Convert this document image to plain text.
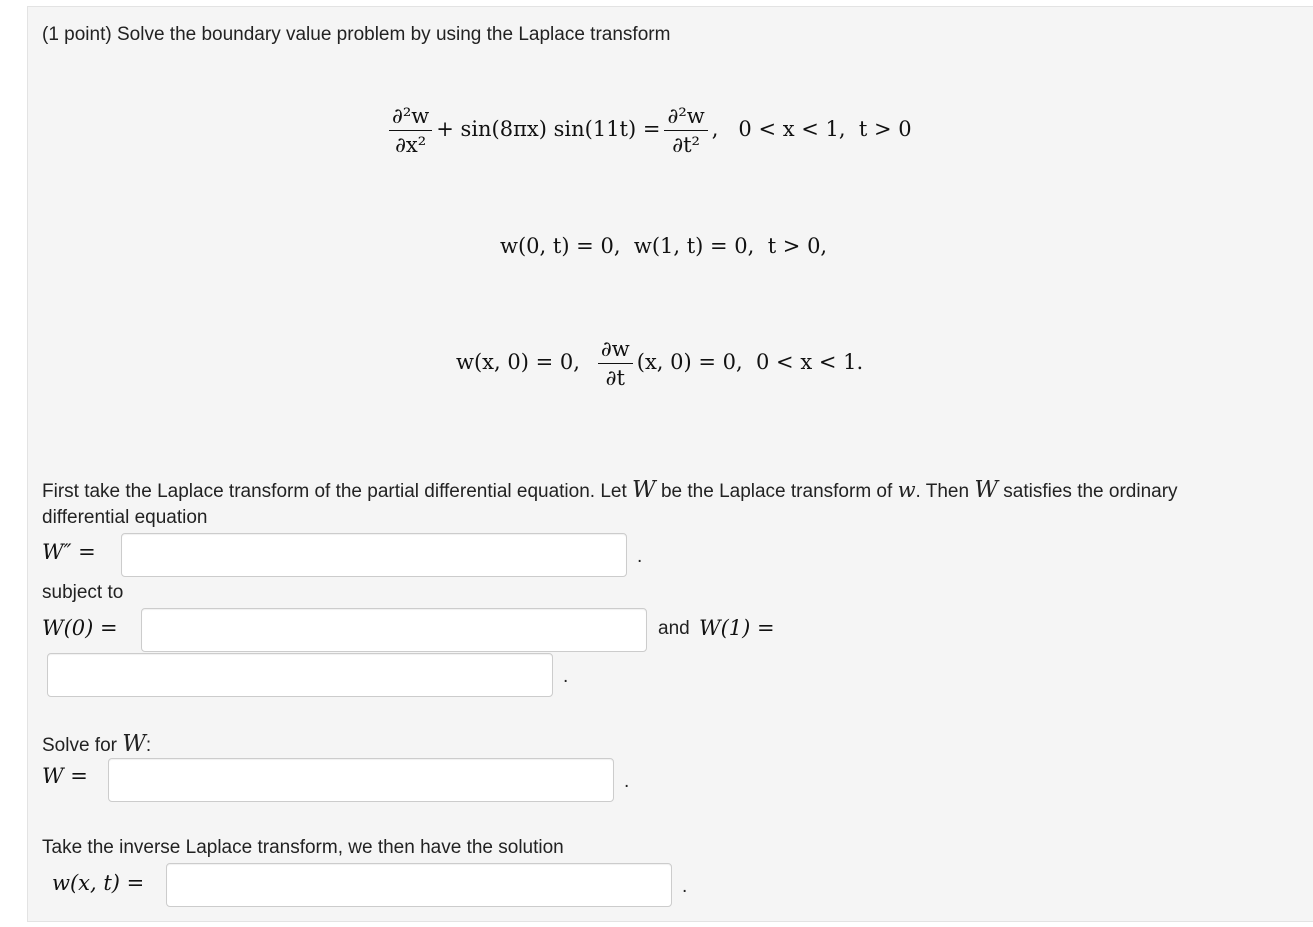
(1 point) Solve the boundary value problem by using the Laplace transform
$\frac{\text{∂²w}}{\text{∂x²}} + \sin(8\pi x) \sin(11t) = \frac{\text{∂²w}}{\text{∂t²}}$ ,   0 < x < 1,  t > 0
w(0, t) = 0,  w(1, t) = 0,  t > 0,
w(x, 0) = 0, $\frac{\partial w}{\partial t} (x$, 0) = 0,  0 < x < 1.
First take the Laplace transform of the partial differential equation. Let W be the Laplace transform of w. Then W satisfies the ordinary
differential equation
W″ =	.
subject to
W(0) =	and W(1) =
.
Solve for W:
W =	.
Take the inverse Laplace transform, we then have the solution
w(x, t) =	.
